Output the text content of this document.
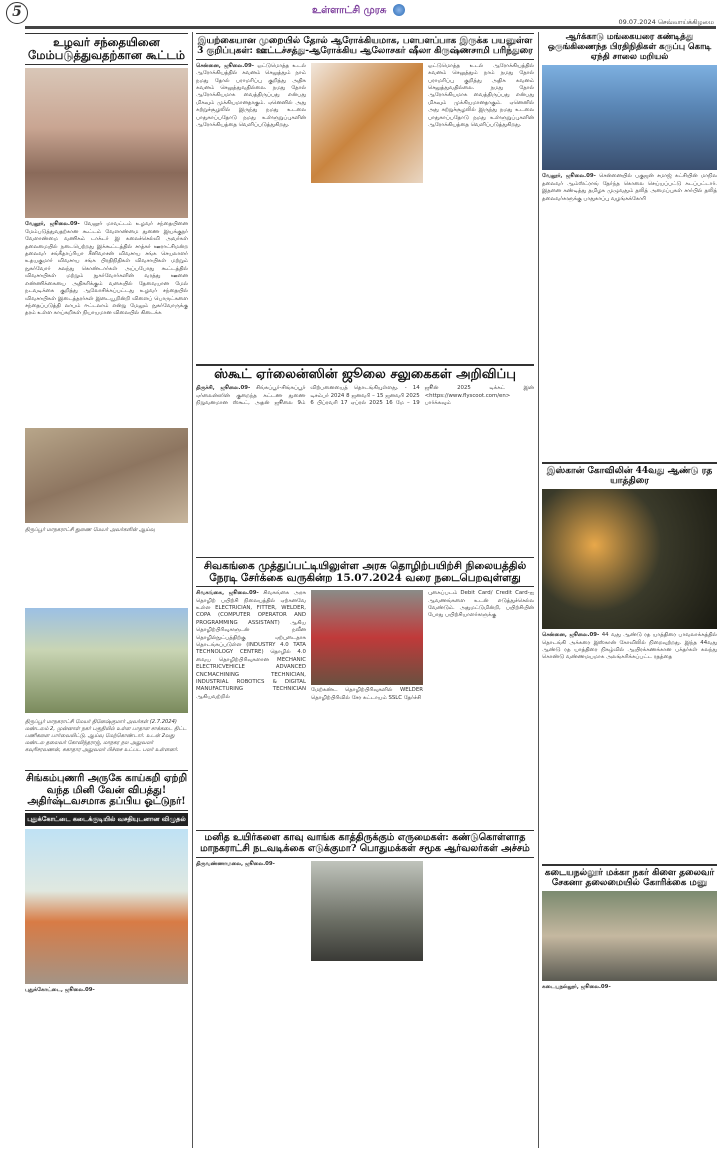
5	உள்ளாட்சி முரசு
09.07.2024 செவ்வாய்க்கிழமை
உழவர் சந்தையினை மேம்படுத்துவதற்கான கூட்டம்
வேலூர், ஜூலை.09- வேலூர் மாவட்டம் உழவர் சந்தையினை மேம்படுத்துவதற்கான கூட்டம் வேளாண்மை துணை இயக்குநர் வேளாண்மை வணிகம் டாக்டர் இ கலைச்செல்வி அவர்கள் தலைமையில் நடைபெற்றது இக்கூட்டத்தில் சாத்கர் ஊராட்சிமன்ற தலைவர் சங்கீதாப்ரியா சீனிவாசன் விவசாய சங்க செயலாளர் உதயகுமார் விவசாய சங்க பிரதிநிதிகள் விவசாயிகள் மற்றும் நுகர்வோர் கலந்து கொண்டார்கள் அப்பபோது கூட்டத்தில் விவசாயிகள் மற்றும் நுகர்வோர்களின் வரத்து ஊனை எண்ணிக்கையை அதிகரிக்கும் வகையில் தேவையான மேல் நடவடிக்கை குறித்து ஆலோசிக்கப்பட்டது உழவர் சந்தையில் விவசாயிகள் இடைத்தரர்கள் இடையூறின்றி விளைப் பொருட்களை சந்தைப்படுத்தி லாபம் ஈட்டலாம் என்று மேலும் நுகர்வோருக்கு தரம் உள்ள காய்கறிகள் நியாயமான விலையில் கிடைக்க
திருப்பூர் மாநகராட்சி துணை மேயர் அவர்களின் ஆய்வு
திருப்பூர் மாநகராட்சி மேயர் தினேஷ்குமார் அவர்கள் (2.7.2024) மண்டலம் 2, முன்னாள் நகர் பகுதியில் உள்ள பாதாள சாக்கடை திட்ட பணிகளை பார்வையிட்டு, ஆய்வு மேற்கொண்டார். உடன் 2வது மண்டல தலைவர் கோவிந்தராஜ், மாநகர நல அலுவலர் கவுரிசரவணன், சுகாதார அலுவலர் பிச்சை உட்பட பலர் உள்ளனர்.
சிங்கம்புணரி அருகே காய்கறி ஏற்றி வந்த மினி வேன் விபத்து! அதிர்ஷ்டவசமாக தப்பிய ஓட்டுநர்!
புதுக்கோட்டை கடைக்குடியில் வசதியுடனான விழுதல்
புதுக்கோட்டை, ஜூலை.09-
இயற்கையான முறையில் தோல் ஆரோக்கியமாக, பளபளப்பாக இருக்க பயனுள்ள 3 குறிப்புகள்: ஊட்டச்சத்து-ஆரோக்கிய ஆலோசகர் ஷீலா கிருஷ்ணசாமி பரிந்துரை
சென்னை, ஜூலை.09- ஒட்டுமொத்த உடல் ஆரோக்கியத்தில் கவனம் செலுத்தும் நாம் நமது தோல் பராமரிப்பு குறித்து அதிக கவனம் செலுத்துவதில்லை. நமது தோல் ஆரோக்கியமாக வைத்திருப்பது என்பது மிகவும் முக்கியமானதாகும். ஏனெனில் அது சுற்றுச்சூழலில் இருந்து நமது உடலை பாதுகாப்பதோடு நமது உள்ளுறுப்புகளின் ஆரோக்கியத்தை வெளிப்படுத்துகிறது.
ஒட்டுமொத்த உடல் ஆரோக்கியத்தில் கவனம் செலுத்தும் நாம் நமது தோல் பராமரிப்பு குறித்து அதிக கவனம் செலுத்துவதில்லை. நமது தோல் ஆரோக்கியமாக வைத்திருப்பது என்பது மிகவும் முக்கியமானதாகும். ஏனெனில் அது சுற்றுச்சூழலில் இருந்து நமது உடலை பாதுகாப்பதோடு நமது உள்ளுறுப்புகளின் ஆரோக்கியத்தை வெளிப்படுத்துகிறது.
ஸ்கூட் ஏர்லைன்ஸின் ஜூலை சலுகைகள் அறிவிப்பு
திருச்சி, ஜூலை.09- சிங்கப்பூர்-சிங்கப்பூர் ஏர்லைன்ஸின் குறைந்த கட்டண துணை நிறுவனமான ஸ்கூட், அதன் ஜூலை 9ம் விற்பனையைத் தொடங்கியுள்ளது. - 14 டிசம்பர் 2024 8 ஜனவரி – 15 ஜனவரி 2025 6 பிப்ரவரி 17 ஏப்ரல் 2025 16 மே – 19 ஜூன் 2025 டிக்கட் இன் <https://www.flyscoot.com/en> பார்க்கவும்
சிவகங்கை முத்துப்பட்டியிலுள்ள அரசு தொழிற்பயிற்சி நிலையத்தில் நேரடி சேர்க்கை வருகின்ற 15.07.2024 வரை நடைபெறவுள்ளது
சிவகங்கை, ஜூலை.09- சிவகங்கை அரசு தொழிற் பயிற்சி நிலையத்தில் ஏற்கனவே உள்ள ELECTRICIAN, FITTER, WELDER, COPA (COMPUTER OPERATOR AND PROGRAMMING ASSISTANT) ஆகிய தொழிற்பிரிவுகளுடன் நவீன தொழில்நுட்பத்திற்கு ஏற்புடைதாக தொடங்கப்படுள்ள (INDUSTRY 4.0 TATA TECHNOLOGY CENTRE) தொழில் 4.0 வைய தொழிற்பிரிவுகளான MECHANIC ELECTRICVEHICLE ADVANCED CNCMACHINING TECHNICIAN, INDUSTRIAL ROBOTICS & DIGITAL MANUFACTURING TECHNICIAN ஆகியவற்றில்
மேற்கண்ட தொழிற்பிரிவுகளில் WELDER தொழிற்பிரிவில் சேர கட்டாயம் SSLC தேர்ச்சி
புகைப்படம் Debit Card/ Credit Card-ஐ ஆவணங்களை உடன் எடுத்துச்செல்ல வேண்டும். அதுமட்டுமின்றி, பயிற்சியின் போது பயிற்சியாளர்களுக்கு
மனித உயிர்களை காவு வாங்க காத்திருக்கும் எருமைகள்: கண்டுகொள்ளாத மாநகராட்சி நடவடிக்கை எடுக்குமா? பொதுமக்கள் சமூக ஆர்வலர்கள் அச்சம்
திருவண்ணாமலை, ஜூலை.09-
ஆர்க்காடு மங்கையரை கண்டித்து ஒருங்கிணைந்த பிரதிநிதிகள் கருப்பு கொடி ஏந்தி சாலை மறியல்
வேலூர், ஜூலை.09- சென்னையில் பகுஜன் சமாஜ் கட்சியின் மாநில தலைவர் ஆம்ஸ்ட்ராங் தேர்ந்த கொலை செய்யப்பட்டு சுடப்பட்டார். இதனை கண்டித்து தமிழக முழுவதும் தலித் அமைப்புகள் சார்பில் தலித் தலைவர்களுக்கு பாதுகாப்பு வழங்கக்கோரி
இஸ்கான் கோவிலின் 44வது ஆண்டு ரத யாத்திரை
சென்னை, ஜூலை.09- 44 வது ஆண்டு ரத யாத்திரை பாவலாக்கத்தில் தொடங்கி அக்கரை இஸ்கான் கோவிலில் நிறைவுற்றது. இந்த 44வது ஆண்டு ரத யாத்திரை நிகழ்வில் ஆயிரக்கணக்கான பக்தர்கள் கலந்து கொண்டு வண்ணமயமாக அலங்கரிக்கப்பட்ட ரதத்தை
கடையநல்லூர் மக்கா நகர் கிளை தலைவர் சேகனா தலைமையில் கோரிக்கை மனு
கடையநல்லூர், ஜூலை.09-
